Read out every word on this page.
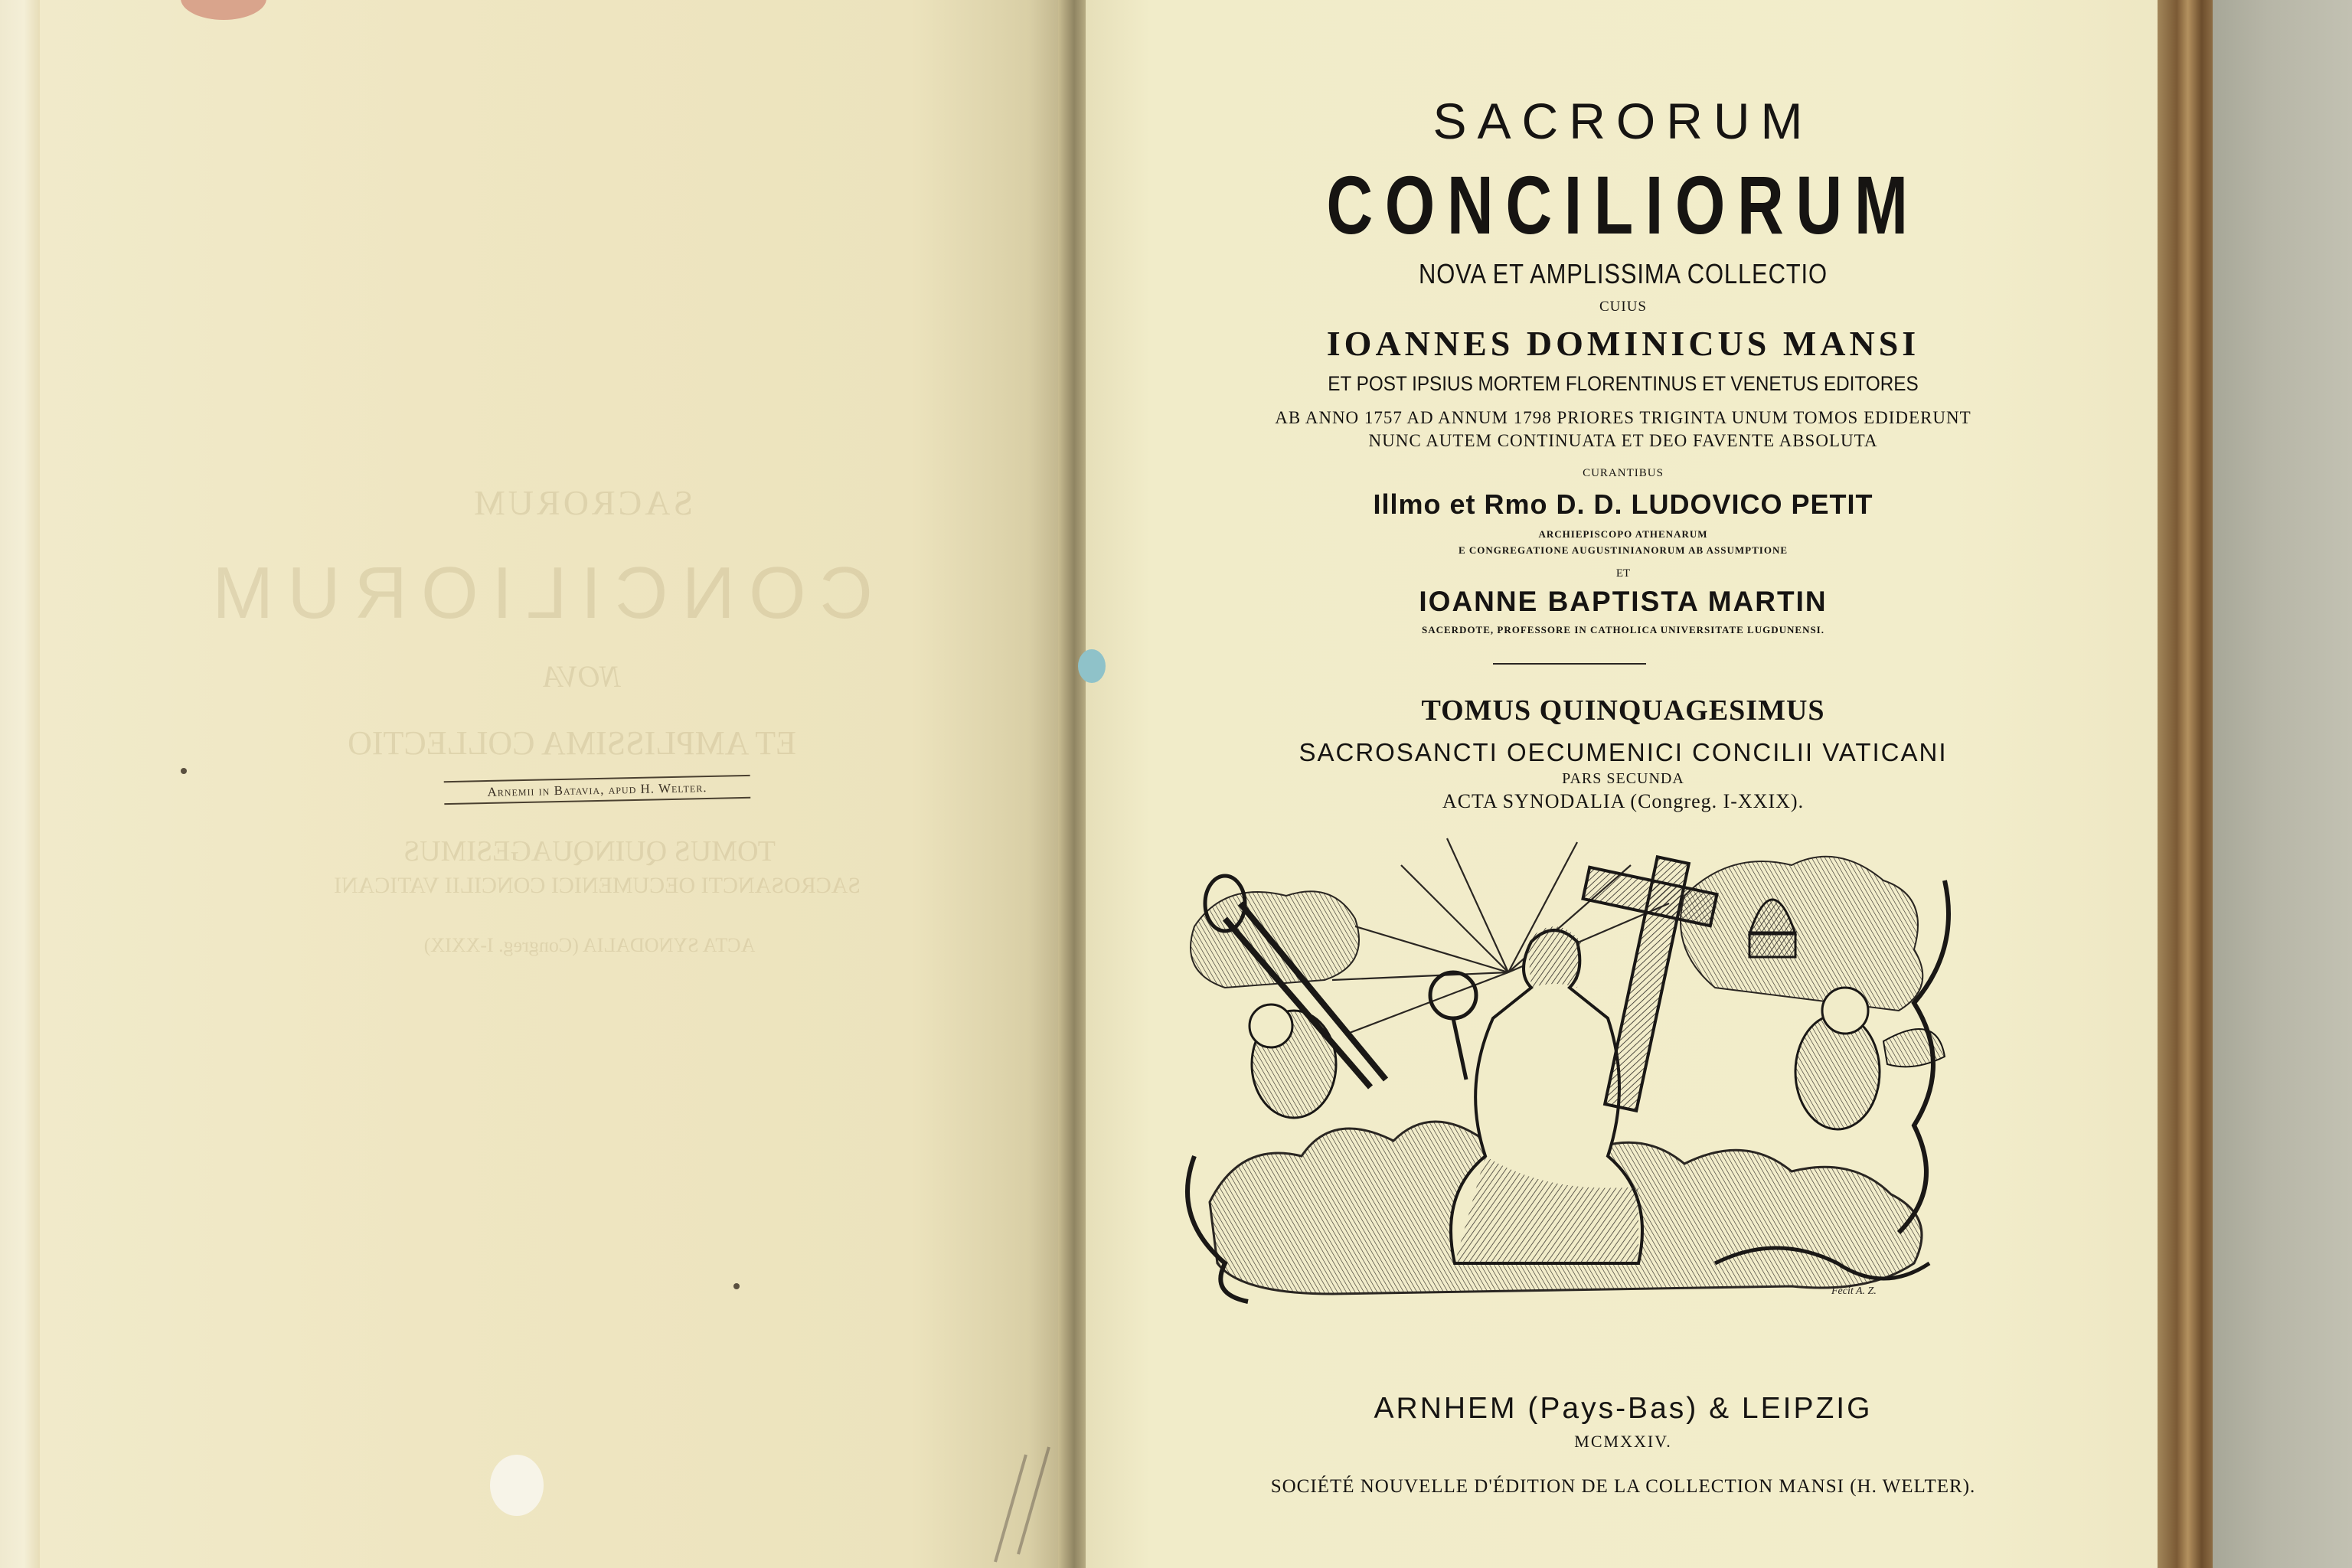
SACRORUM
CONCILIORUM
NOVA
ET AMPLISSIMA COLLECTIO
TOMUS QUINQUAGESIMUS
SACROSANCTI OECUMENICI CONCILII VATICANI
ACTA SYNODALIA (Congreg. I-XXIX)
Arnemii in Batavia, apud H. Welter.
SACRORUM
CONCILIORUM
NOVA ET AMPLISSIMA COLLECTIO
CUIUS
IOANNES DOMINICUS MANSI
ET POST IPSIUS MORTEM FLORENTINUS ET VENETUS EDITORES
AB ANNO 1757 AD ANNUM 1798 PRIORES TRIGINTA UNUM TOMOS EDIDERUNT
NUNC AUTEM CONTINUATA ET DEO FAVENTE ABSOLUTA
CURANTIBUS
Illmo et Rmo D. D. LUDOVICO PETIT
ARCHIEPISCOPO ATHENARUM
E CONGREGATIONE AUGUSTINIANORUM AB ASSUMPTIONE
ET
IOANNE BAPTISTA MARTIN
SACERDOTE, PROFESSORE IN CATHOLICA UNIVERSITATE LUGDUNENSI.
TOMUS QUINQUAGESIMUS
SACROSANCTI OECUMENICI CONCILII VATICANI
PARS SECUNDA
ACTA SYNODALIA (Congreg. I-XXIX).
Fecit A. Z.
ARNHEM (Pays-Bas) & LEIPZIG
MCMXXIV.
SOCIÉTÉ NOUVELLE D'ÉDITION DE LA COLLECTION MANSI (H. WELTER).
